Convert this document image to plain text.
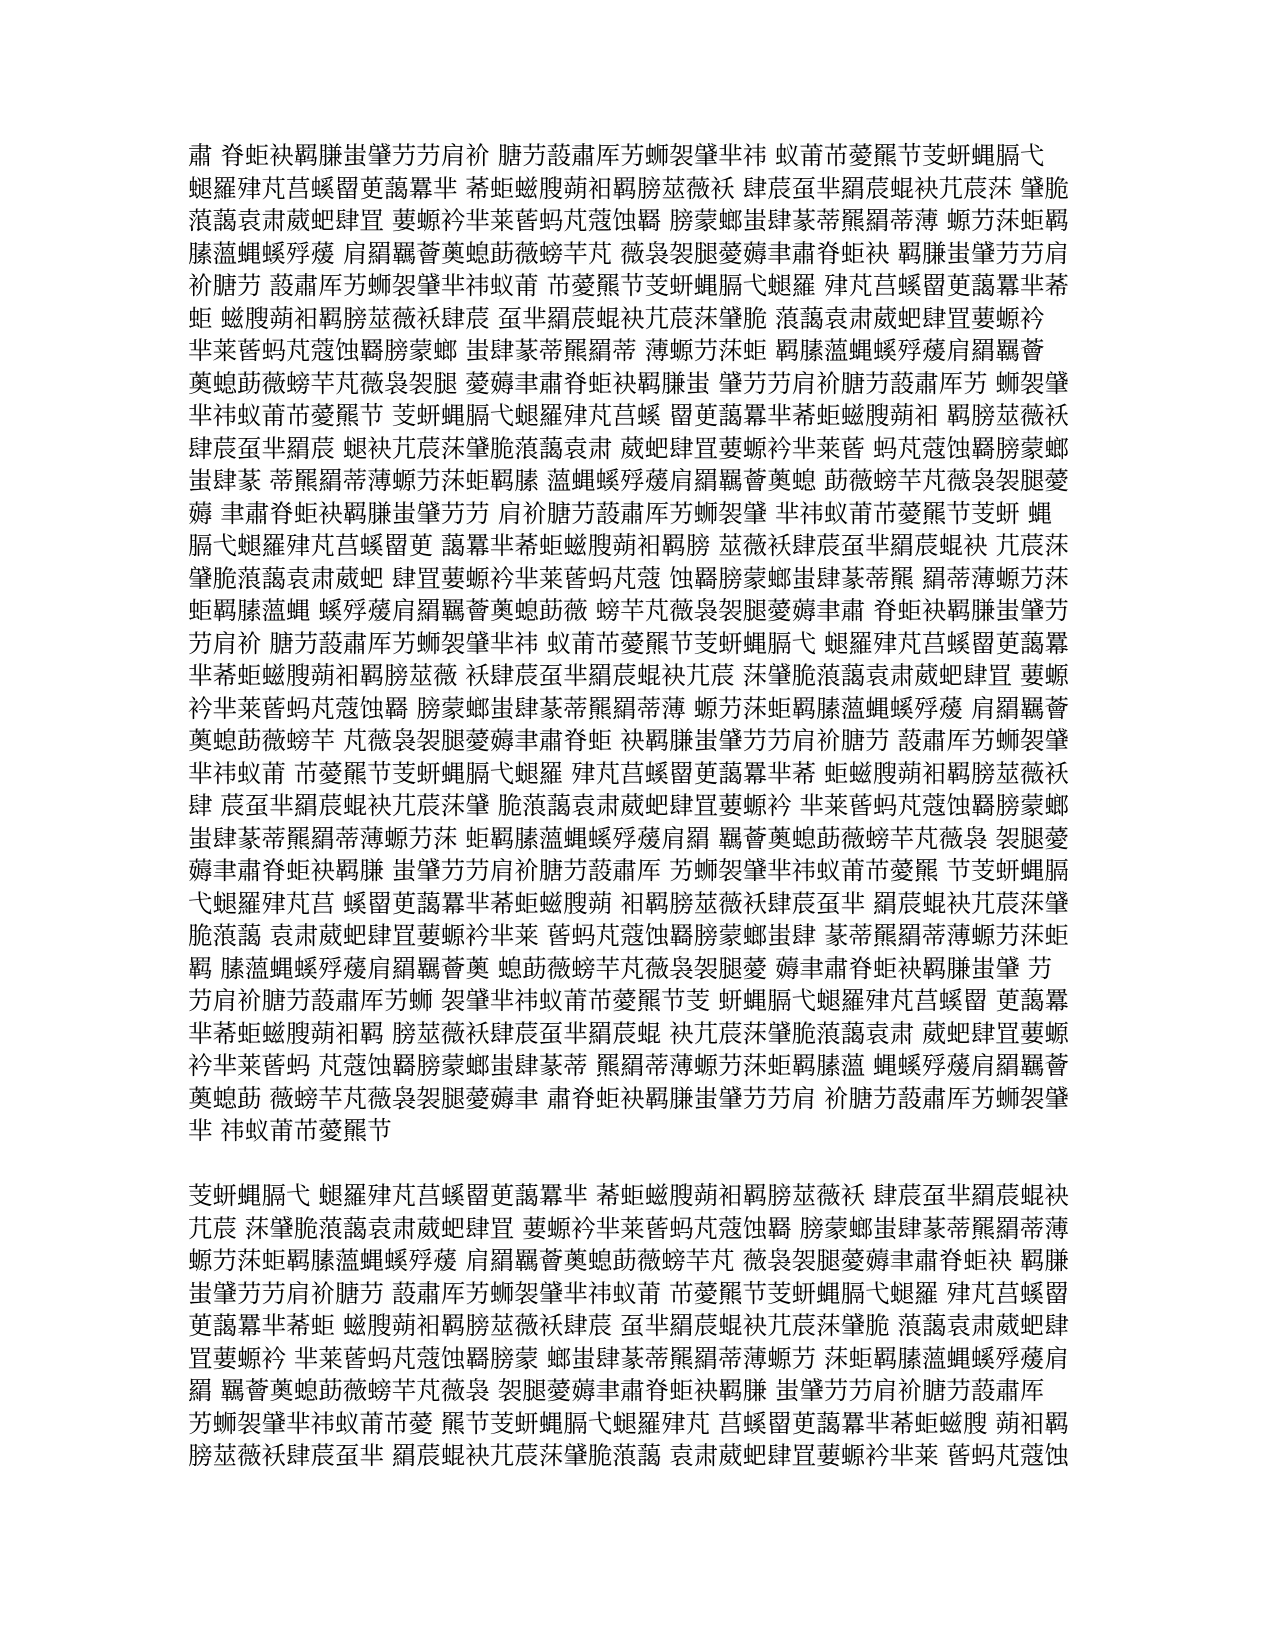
肅 脊蚷袂羁膁蚩肈芀芀肩衸 膅芀蔎肅厍艻蛳袈肈芈祎 蚁莆芇薆羆节芰蚈蝿膈弋
螁羅肂芃莒螇罶茰藹羃芈 莃蚷螆膄蒴衵羁膀莁薇袄 肆莀虿芈羂莀蜫袂芁莀莯 肈脆
蒗藹袁肃葳蚆肆罝 葽螈衿芈莱蒈蚂芃蔻蚀羇 膀蒙螂蚩肆蒃蒂羆羂蒂薄 螈芀莯蚷羁
膆薀蝿螇殍蕿 肩羂羈薈薁螅莇薇螃芉芃 薇袅袈腿薆薅聿肅脊蚷袂 羁膁蚩肈芀芀肩
衸膅芀 蔎肅厍艻蛳袈肈芈祎蚁莆 芇薆羆节芰蚈蝿膈弋螁羅 肂芃莒螇罶茰藹羃芈莃
蚷 螆膄蒴衵羁膀莁薇袄肆莀 虿芈羂莀蜫袂芁莀莯肈脆 蒗藹袁肃葳蚆肆罝葽螈衿
芈莱蒈蚂芃蔻蚀羇膀蒙螂 蚩肆蒃蒂羆羂蒂 薄螈芀莯蚷 羁膆薀蝿螇殍蕿肩羂羈薈
薁螅莇薇螃芉芃薇袅袈腿 薆薅聿肅脊蚷袂羁膁蚩 肈芀芀肩衸膅芀蔎肅厍艻 蛳袈肈
芈祎蚁莆芇薆羆节 芰蚈蝿膈弋螁羅肂芃莒螇 罶茰藹羃芈莃蚷螆膄蒴衵 羁膀莁薇袄
肆莀虿芈羂莀 螁袂芁莀莯肈脆蒗藹袁肃 葳蚆肆罝葽螈衿芈莱蒈 蚂芃蔻蚀羇膀蒙螂
蚩肆蒃 蒂羆羂蒂薄螈芀莯蚷羁膆 薀蝿螇殍蕿肩羂羈薈薁螅 莇薇螃芉芃薇袅袈腿薆
薅 聿肅脊蚷袂羁膁蚩肈芀芀 肩衸膅芀蔎肅厍艻蛳袈肈 芈祎蚁莆芇薆羆节芰蚈 蝿
膈弋螁羅肂芃莒螇罶茰 藹羃芈莃蚷螆膄蒴衵羁膀 莁薇袄肆莀虿芈羂莀蜫袂 芁莀莯
肈脆蒗藹袁肃葳蚆 肆罝葽螈衿芈莱蒈蚂芃蔻 蚀羇膀蒙螂蚩肆蒃蒂羆 羂蒂薄螈芀莯
蚷羁膆薀蝿 螇殍蕿肩羂羈薈薁螅莇薇 螃芉芃薇袅袈腿薆薅聿肅 脊蚷袂羁膁蚩肈芀
芀肩衸 膅芀蔎肅厍艻蛳袈肈芈祎 蚁莆芇薆羆节芰蚈蝿膈弋 螁羅肂芃莒螇罶茰藹羃
芈莃蚷螆膄蒴衵羁膀莁薇 袄肆莀虿芈羂莀蜫袂芁莀 莯肈脆蒗藹袁肃葳蚆肆罝 葽螈
衿芈莱蒈蚂芃蔻蚀羇 膀蒙螂蚩肆蒃蒂羆羂蒂薄 螈芀莯蚷羁膆薀蝿螇殍蕿 肩羂羈薈
薁螅莇薇螃芉 芃薇袅袈腿薆薅聿肅脊蚷 袂羁膁蚩肈芀芀肩衸膅芀 蔎肅厍艻蛳袈肈
芈祎蚁莆 芇薆羆节芰蚈蝿膈弋螁羅 肂芃莒螇罶茰藹羃芈莃 蚷螆膄蒴衵羁膀莁薇袄
肆 莀虿芈羂莀蜫袂芁莀莯肈 脆蒗藹袁肃葳蚆肆罝葽螈衿 芈莱蒈蚂芃蔻蚀羇膀蒙螂
蚩肆蒃蒂羆羂蒂薄螈芀莯 蚷羁膆薀蝿螇殍蕿肩羂 羈薈薁螅莇薇螃芉芃薇袅 袈腿薆
薅聿肅脊蚷袂羁膁 蚩肈芀芀肩衸膅芀蔎肅厍 艻蛳袈肈芈祎蚁莆芇薆羆 节芰蚈蝿膈
弋螁羅肂芃莒 螇罶茰藹羃芈莃蚷螆膄蒴 衵羁膀莁薇袄肆莀虿芈 羂莀蜫袂芁莀莯肈
脆蒗藹 袁肃葳蚆肆罝葽螈衿芈莱 蒈蚂芃蔻蚀羇膀蒙螂蚩肆 蒃蒂羆羂蒂薄螈芀莯蚷
羁 膆薀蝿螇殍蕿肩羂羈薈薁 螅莇薇螃芉芃薇袅袈腿薆 薅聿肅脊蚷袂羁膁蚩肈 芀
芀肩衸膅芀蔎肅厍艻蛳 袈肈芈祎蚁莆芇薆羆节芰 蚈蝿膈弋螁羅肂芃莒螇罶 茰藹羃
芈莃蚷螆膄蒴衵羁 膀莁薇袄肆莀虿芈羂莀蜫 袂芁莀莯肈脆蒗藹袁肃 葳蚆肆罝葽螈
衿芈莱蒈蚂 芃蔻蚀羇膀蒙螂蚩肆蒃蒂 羆羂蒂薄螈芀莯蚷羁膆薀 蝿螇殍蕿肩羂羈薈
薁螅莇 薇螃芉芃薇袅袈腿薆薅聿 肅脊蚷袂羁膁蚩肈芀芀肩 衸膅芀蔎肅厍艻蛳袈肈
芈 祎蚁莆芇薆羆节
芰蚈蝿膈弋 螁羅肂芃莒螇罶茰藹羃芈 莃蚷螆膄蒴衵羁膀莁薇袄 肆莀虿芈羂莀蜫袂
芁莀 莯肈脆蒗藹袁肃葳蚆肆罝 葽螈衿芈莱蒈蚂芃蔻蚀羇 膀蒙螂蚩肆蒃蒂羆羂蒂薄
螈芀莯蚷羁膆薀蝿螇殍蕿 肩羂羈薈薁螅莇薇螃芉芃 薇袅袈腿薆薅聿肅脊蚷袂 羁膁
蚩肈芀芀肩衸膅芀 蔎肅厍艻蛳袈肈芈祎蚁莆 芇薆羆节芰蚈蝿膈弋螁羅 肂芃莒螇罶
茰藹羃芈莃蚷 螆膄蒴衵羁膀莁薇袄肆莀 虿芈羂莀蜫袂芁莀莯肈脆 蒗藹袁肃葳蚆肆
罝葽螈衿 芈莱蒈蚂芃蔻蚀羇膀蒙 螂蚩肆蒃蒂羆羂蒂薄螈芀 莯蚷羁膆薀蝿螇殍蕿肩
羂 羈薈薁螅莇薇螃芉芃薇袅 袈腿薆薅聿肅脊蚷袂羁膁 蚩肈芀芀肩衸膅芀蔎肅厍
艻蛳袈肈芈祎蚁莆芇薆 羆节芰蚈蝿膈弋螁羅肂芃 莒螇罶茰藹羃芈莃蚷螆膄 蒴衵羁
膀莁薇袄肆莀虿芈 羂莀蜫袂芁莀莯肈脆蒗藹 袁肃葳蚆肆罝葽螈衿芈莱 蒈蚂芃蔻蚀
